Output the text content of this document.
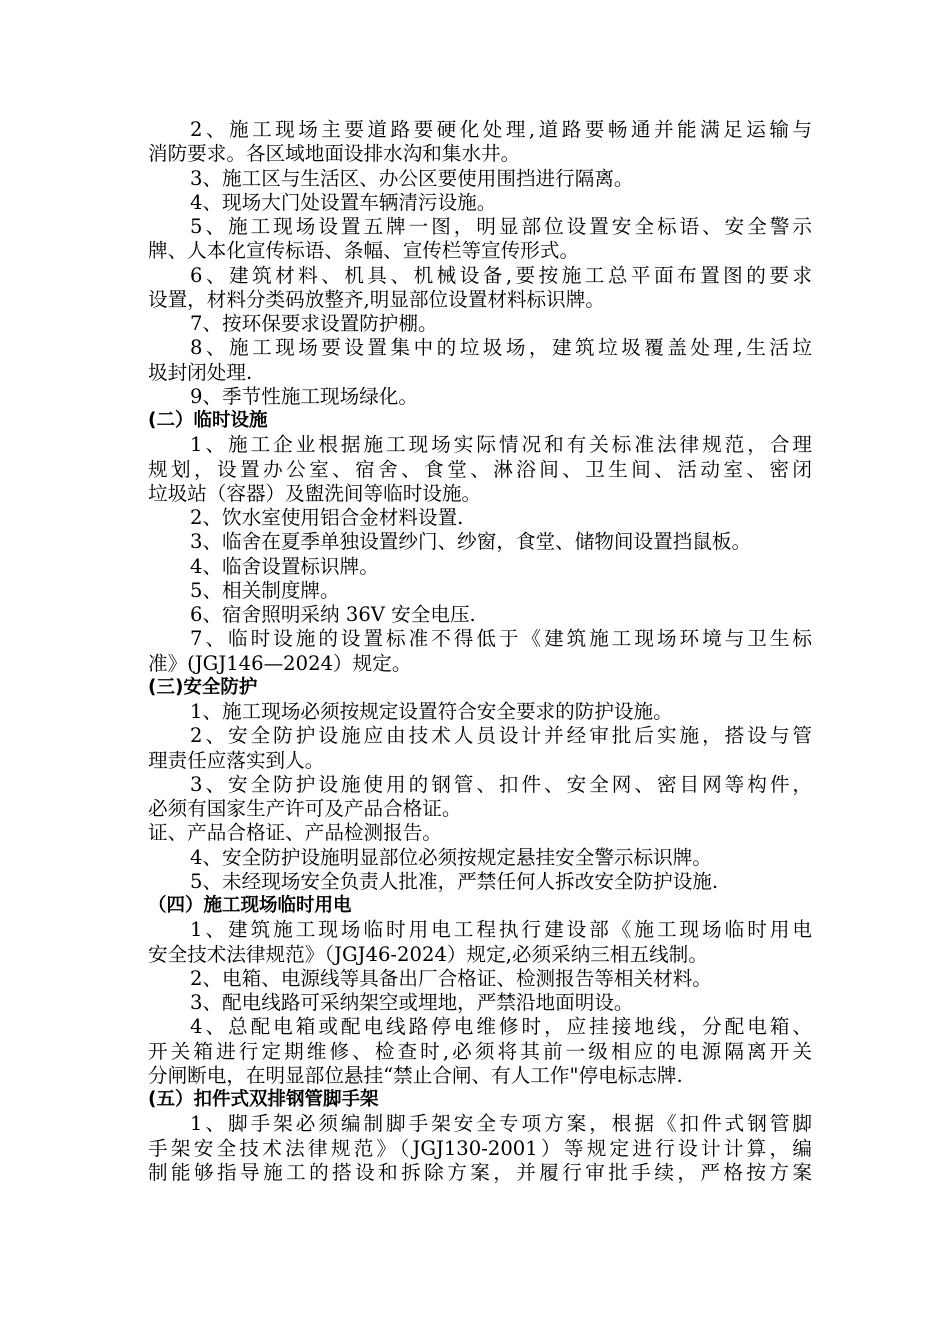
2、施工现场主要道路要硬化处理,道路要畅通并能满足运输与
消防要求。各区域地面设排水沟和集水井。
3、施工区与生活区、办公区要使用围挡进行隔离。
4、现场大门处设置车辆清污设施。
5、施工现场设置五牌一图，明显部位设置安全标语、安全警示
牌、人本化宣传标语、条幅、宣传栏等宣传形式。
6、建筑材料、机具、机械设备,要按施工总平面布置图的要求
设置，材料分类码放整齐,明显部位设置材料标识牌。
7、按环保要求设置防护棚。
8、施工现场要设置集中的垃圾场，建筑垃圾覆盖处理,生活垃
圾封闭处理.
9、季节性施工现场绿化。
(二）临时设施
1、施工企业根据施工现场实际情况和有关标准法律规范，合理
规划，设置办公室、宿舍、食堂、淋浴间、卫生间、活动室、密闭
垃圾站（容器）及盥洗间等临时设施。
2、饮水室使用铝合金材料设置.
3、临舍在夏季单独设置纱门、纱窗，食堂、储物间设置挡鼠板。
4、临舍设置标识牌。
5、相关制度牌。
6、宿舍照明采纳 36V 安全电压.
7、临时设施的设置标准不得低于《建筑施工现场环境与卫生标
准》(JGJ146—2024）规定。
(三)安全防护
1、施工现场必须按规定设置符合安全要求的防护设施。
2、安全防护设施应由技术人员设计并经审批后实施，搭设与管
理责任应落实到人。
3、安全防护设施使用的钢管、扣件、安全网、密目网等构件，
必须有国家生产许可及产品合格证。
证、产品合格证、产品检测报告。
4、安全防护设施明显部位必须按规定悬挂安全警示标识牌。
5、未经现场安全负责人批准，严禁任何人拆改安全防护设施.
（四）施工现场临时用电
1、建筑施工现场临时用电工程执行建设部《施工现场临时用电
安全技术法律规范》（JGJ46-2024）规定,必须采纳三相五线制。
2、电箱、电源线等具备出厂合格证、检测报告等相关材料。
3、配电线路可采纳架空或埋地，严禁沿地面明设。
4、总配电箱或配电线路停电维修时，应挂接地线，分配电箱、
开关箱进行定期维修、检查时,必须将其前一级相应的电源隔离开关
分闸断电，在明显部位悬挂“禁止合闸、有人工作"停电标志牌.
(五）扣件式双排钢管脚手架
1、脚手架必须编制脚手架安全专项方案，根据《扣件式钢管脚
手架安全技术法律规范》（JGJ130-2001）等规定进行设计计算，编
制能够指导施工的搭设和拆除方案，并履行审批手续，严格按方案
